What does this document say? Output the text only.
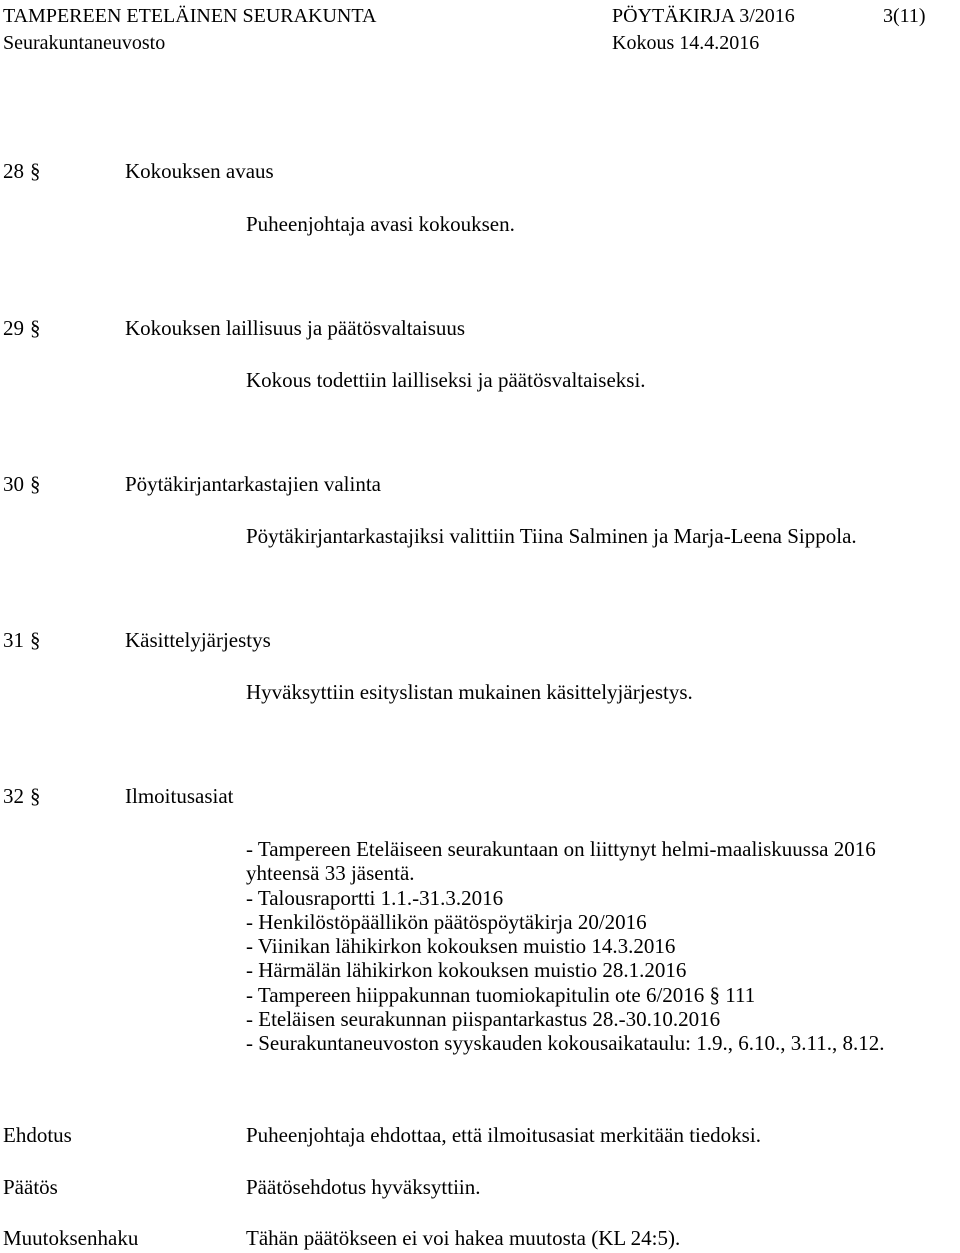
TAMPEREEN ETELÄINEN SEURAKUNTA	PÖYTÄKIRJA 3/2016	3(11)
Seurakuntaneuvosto	Kokous 14.4.2016
28 §	Kokouksen avaus
Puheenjohtaja avasi kokouksen.
29 §	Kokouksen laillisuus ja päätösvaltaisuus
Kokous todettiin lailliseksi ja päätösvaltaiseksi.
30 §	Pöytäkirjantarkastajien valinta
Pöytäkirjantarkastajiksi valittiin Tiina Salminen ja Marja-Leena Sippola.
31 §	Käsittelyjärjestys
Hyväksyttiin esityslistan mukainen käsittelyjärjestys.
32 §	Ilmoitusasiat
- Tampereen Eteläiseen seurakuntaan on liittynyt helmi-maaliskuussa 2016 yhteensä 33 jäsentä.
- Talousraportti 1.1.-31.3.2016
- Henkilöstöpäällikön päätöspöytäkirja 20/2016
- Viinikan lähikirkon kokouksen muistio 14.3.2016
- Härmälän lähikirkon kokouksen muistio 28.1.2016
- Tampereen hiippakunnan tuomiokapitulin ote 6/2016 § 111
- Eteläisen seurakunnan piispantarkastus 28.-30.10.2016
- Seurakuntaneuvoston syyskauden kokousaikataulu: 1.9., 6.10., 3.11., 8.12.
Ehdotus	Puheenjohtaja ehdottaa, että ilmoitusasiat merkitään tiedoksi.
Päätös	Päätösehdotus hyväksyttiin.
Muutoksenhaku	Tähän päätökseen ei voi hakea muutosta (KL 24:5).
